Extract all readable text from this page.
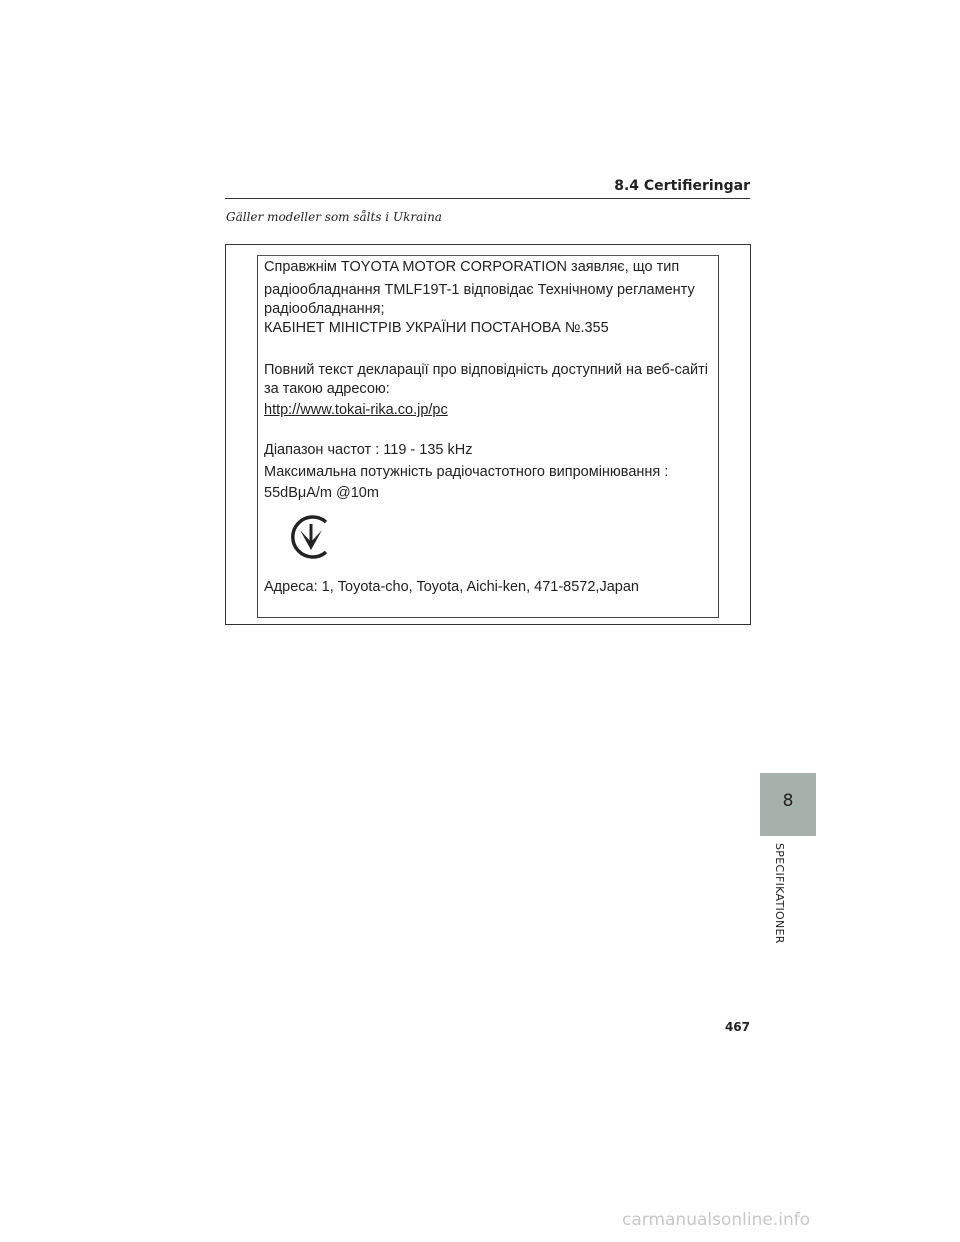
8.4 Certifieringar
Gäller modeller som sålts i Ukraina
Справжнім TOYOTA MOTOR CORPORATION заявляє, що тип
радіообладнання TMLF19T-1 відповідає Технічному регламенту
радіообладнання;
КАБІНЕТ МІНІСТРІВ УКРАЇНИ ПОСТАНОВА №.355
Повний текст декларації про відповідність доступний на веб-сайті
за такою адресою:
http://www.tokai-rika.co.jp/pc
Діапазон частот : 119 - 135 kHz
Максимальна потужність радіочастотного випромінювання :
55dBμA/m @10m
Адреса: 1, Toyota-cho, Toyota, Aichi-ken, 471-8572,Japan
8
SPECIFIKATIONER
467
carmanualsonline.info
